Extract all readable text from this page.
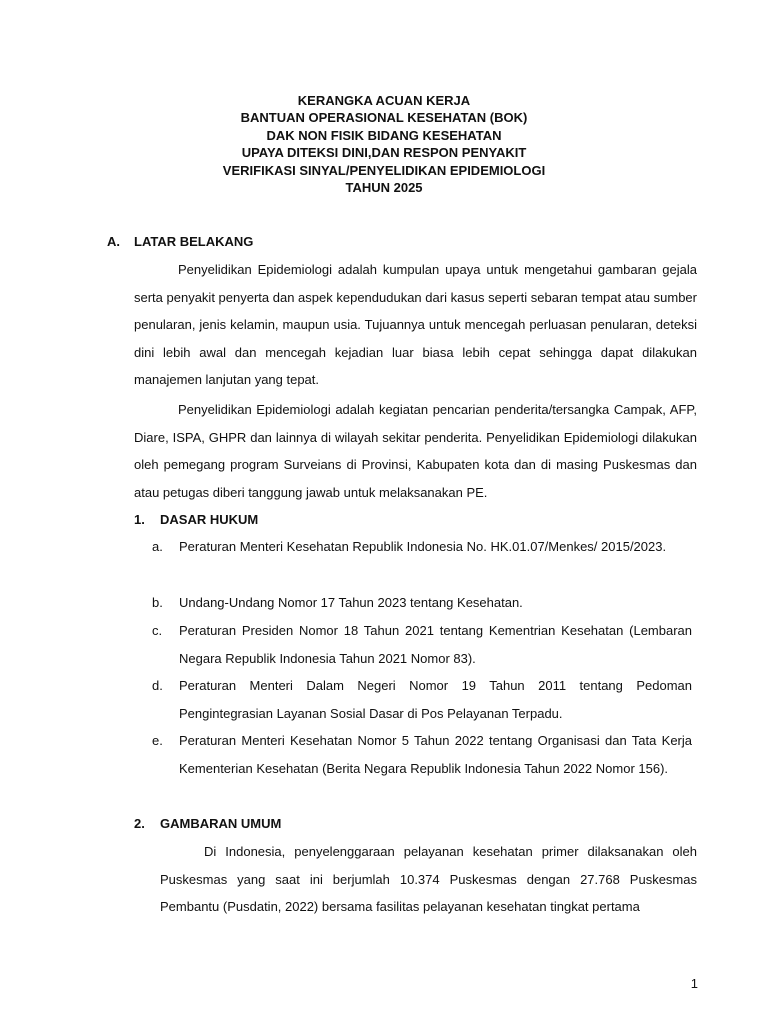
KERANGKA ACUAN KERJA
BANTUAN OPERASIONAL KESEHATAN (BOK)
DAK NON FISIK BIDANG KESEHATAN
UPAYA DITEKSI DINI,DAN RESPON PENYAKIT
VERIFIKASI SINYAL/PENYELIDIKAN EPIDEMIOLOGI
TAHUN 2025
A. LATAR BELAKANG
Penyelidikan Epidemiologi adalah kumpulan upaya untuk mengetahui gambaran gejala serta penyakit penyerta dan aspek kependudukan dari kasus seperti sebaran tempat atau sumber penularan, jenis kelamin, maupun usia. Tujuannya untuk mencegah perluasan penularan, deteksi dini lebih awal dan mencegah kejadian luar biasa lebih cepat sehingga dapat dilakukan manajemen lanjutan yang tepat.
Penyelidikan Epidemiologi adalah kegiatan pencarian penderita/tersangka Campak, AFP, Diare, ISPA, GHPR dan lainnya di wilayah sekitar penderita. Penyelidikan Epidemiologi dilakukan oleh pemegang program Surveians di Provinsi, Kabupaten kota dan di masing Puskesmas dan atau petugas diberi tanggung jawab untuk melaksanakan PE.
1. DASAR HUKUM
a. Peraturan Menteri Kesehatan Republik Indonesia No. HK.01.07/Menkes/ 2015/2023.
b. Undang-Undang Nomor 17 Tahun 2023 tentang Kesehatan.
c. Peraturan Presiden Nomor 18 Tahun 2021 tentang Kementrian Kesehatan (Lembaran Negara Republik Indonesia Tahun 2021 Nomor 83).
d. Peraturan Menteri Dalam Negeri Nomor 19 Tahun 2011 tentang Pedoman Pengintegrasian Layanan Sosial Dasar di Pos Pelayanan Terpadu.
e. Peraturan Menteri Kesehatan Nomor 5 Tahun 2022 tentang Organisasi dan Tata Kerja Kementerian Kesehatan (Berita Negara Republik Indonesia Tahun 2022 Nomor 156).
2. GAMBARAN UMUM
Di Indonesia, penyelenggaraan pelayanan kesehatan primer dilaksanakan oleh Puskesmas yang saat ini berjumlah 10.374 Puskesmas dengan 27.768 Puskesmas Pembantu (Pusdatin, 2022) bersama fasilitas pelayanan kesehatan tingkat pertama
1
